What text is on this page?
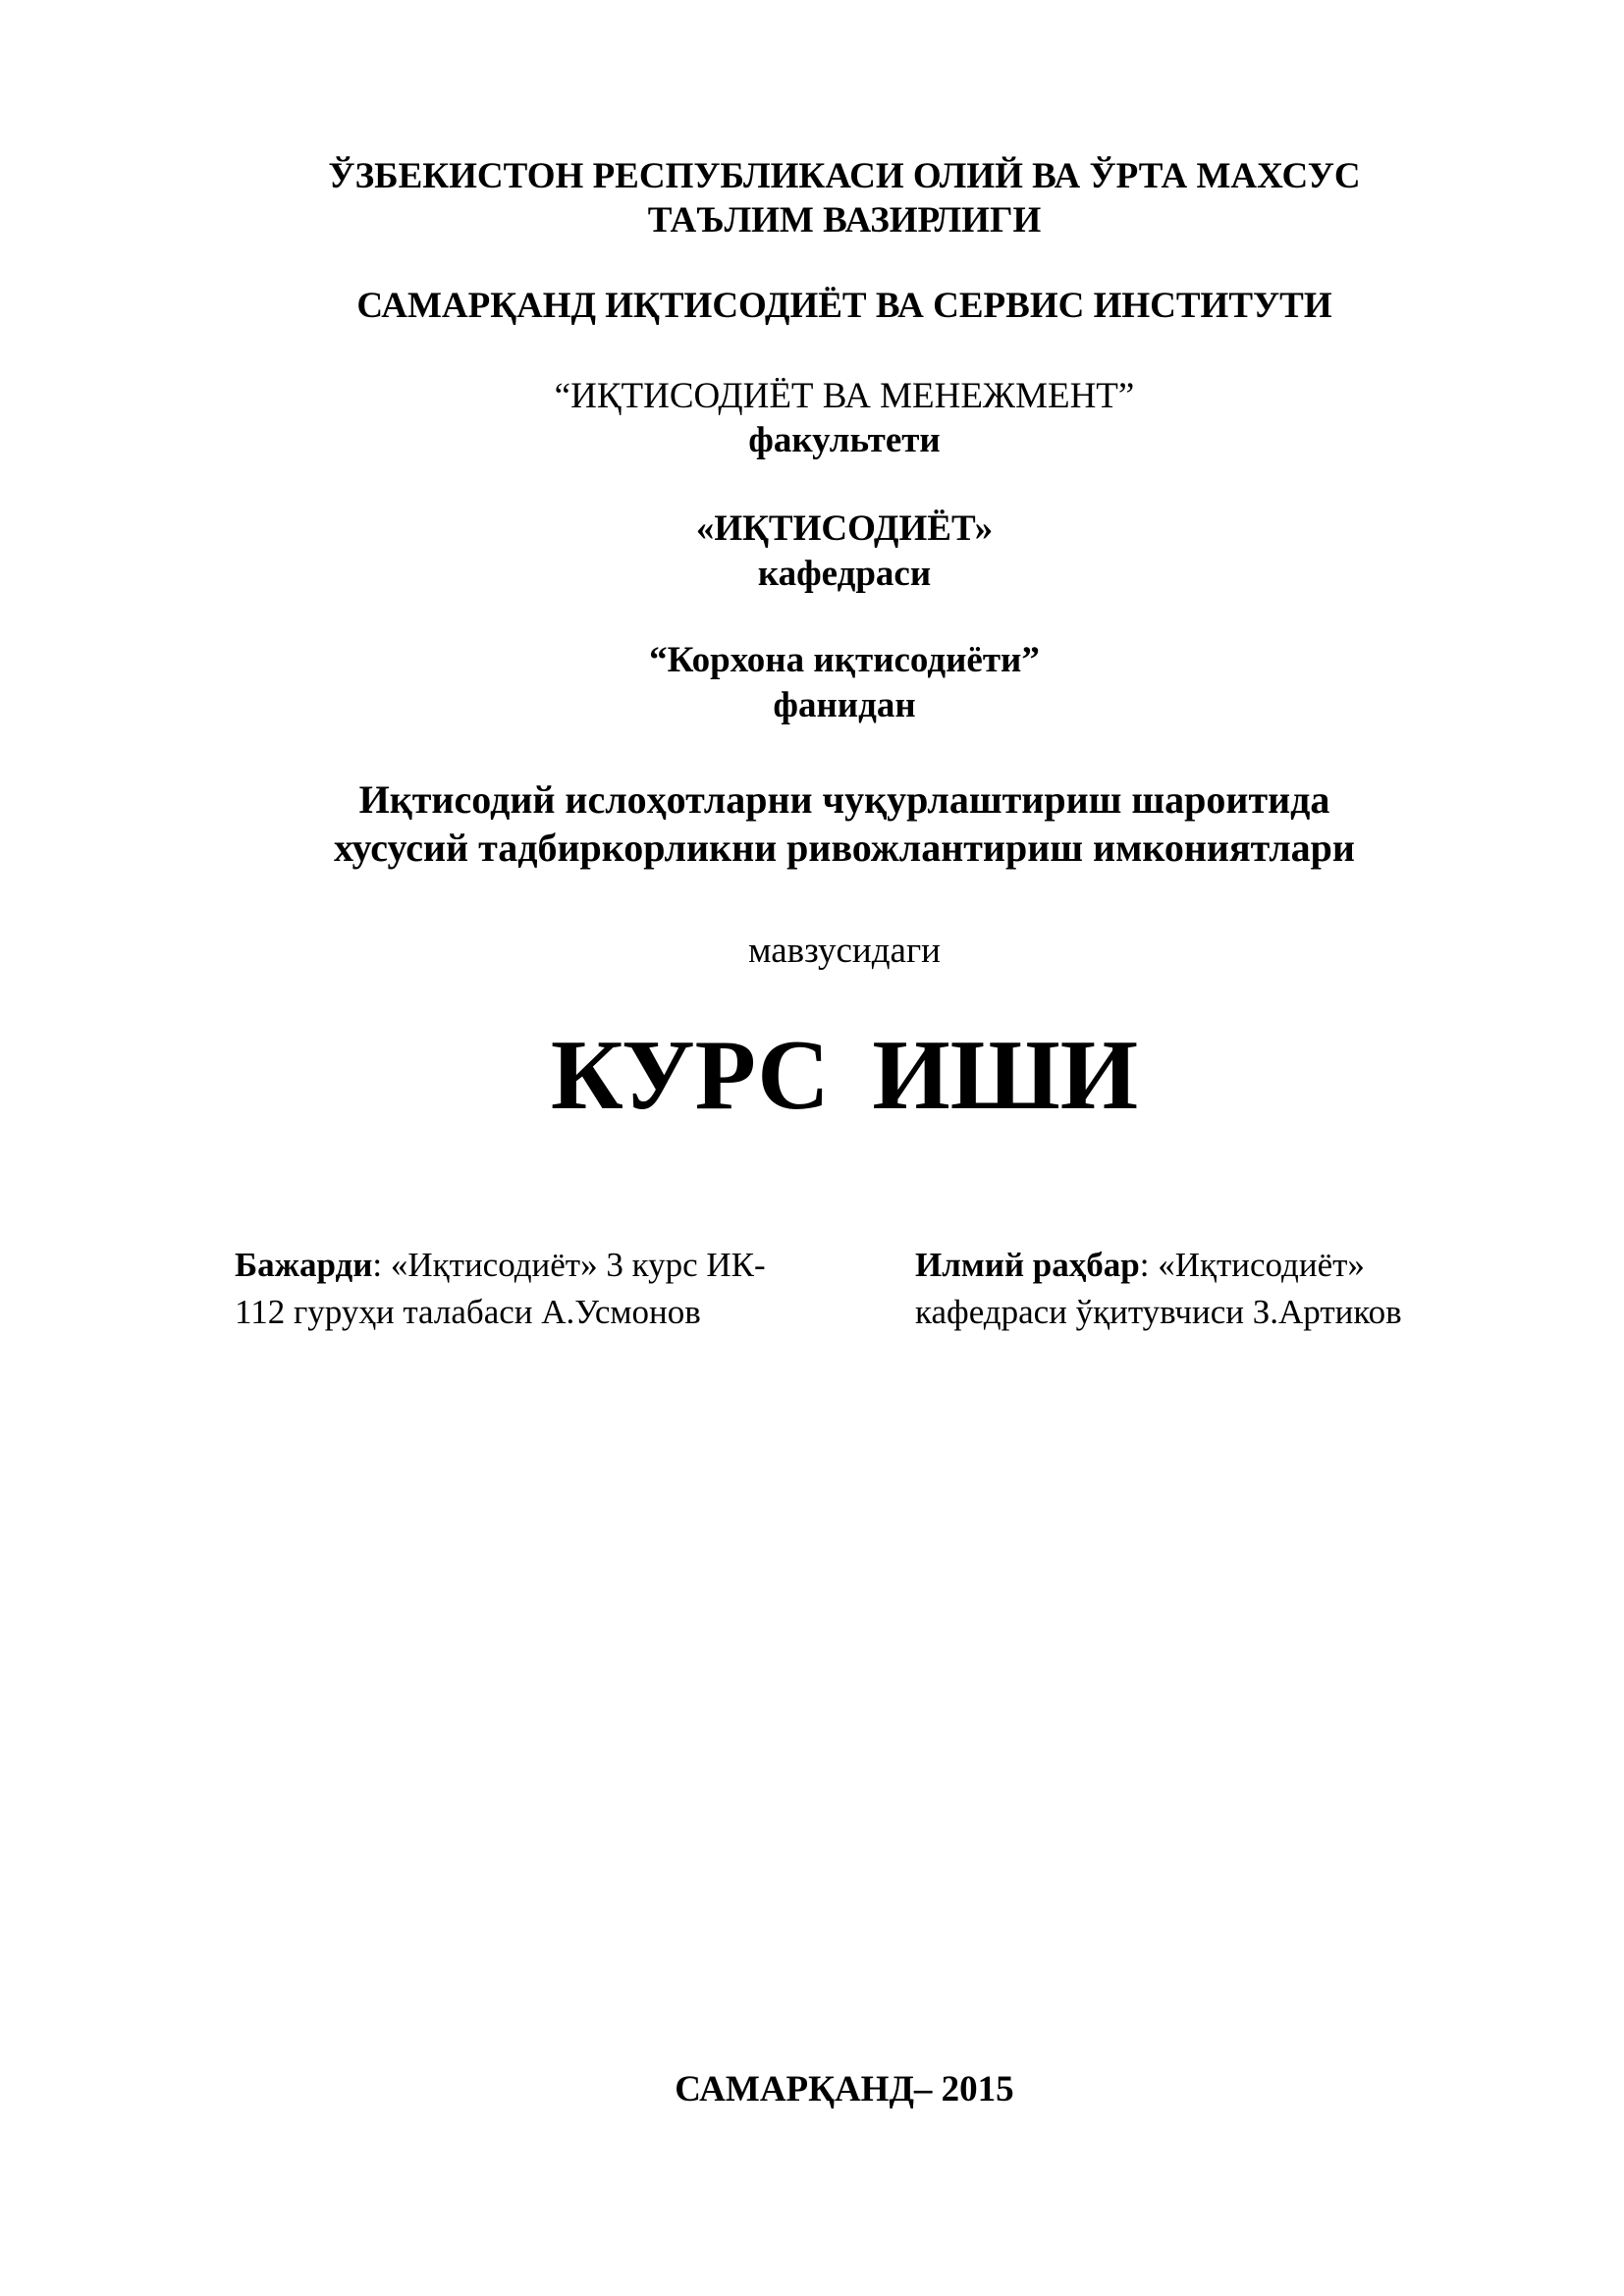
ЎЗБЕКИСТОН РЕСПУБЛИКАСИ ОЛИЙ ВА ЎРТА МАХСУС
ТАЪЛИМ ВАЗИРЛИГИ
САМАРҚАНД ИҚТИСОДИЁТ ВА СЕРВИС ИНСТИТУТИ
“ИҚТИСОДИЁТ ВА МЕНЕЖМЕНТ”
факультети
«ИҚТИСОДИЁТ»
кафедраси
“Корхона иқтисодиёти”
фанидан
Иқтисодий ислоҳотларни чуқурлаштириш шароитида
хусусий тадбиркорликни ривожлантириш имкониятлари
мавзусидаги
КУРС ИШИ
Бажарди: «Иқтисодиёт» 3 курс ИК-
112 гуруҳи талабаси А.Усмонов
Илмий раҳбар: «Иқтисодиёт»
кафедраси ўқитувчиси З.Артиков
САМАРҚАНД– 2015
